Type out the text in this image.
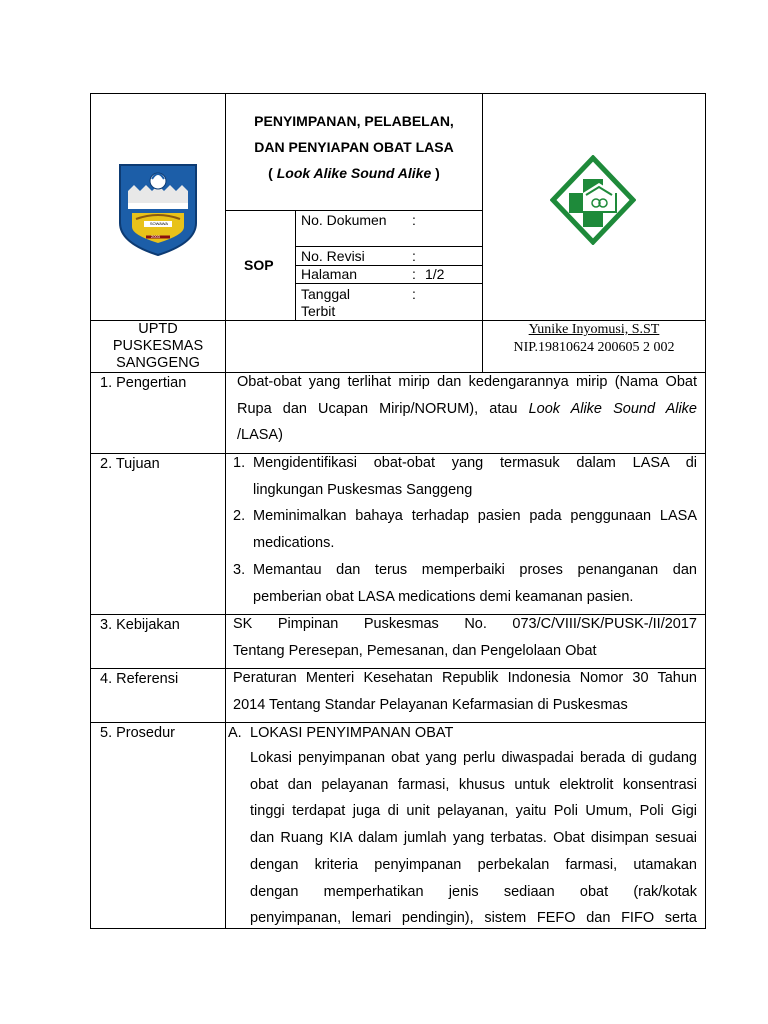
SOWAWA
2003
PENYIMPANAN, PELABELAN,
DAN PENYIAPAN OBAT LASA
( Look Alike Sound Alike )
SOP
No. Dokumen :
No. Revisi	:
Halaman	: 1/2
Tanggal
Terbit
:
UPTD
PUSKESMAS
SANGGENG
Yunike Inyomusi, S.ST
NIP.19810624 200605 2 002
1. Pengertian
2. Tujuan
3. Kebijakan
4. Referensi
5. Prosedur
Obat-obat yang terlihat mirip dan kedengarannya mirip (Nama Obat
Rupa dan Ucapan Mirip/NORUM), atau Look Alike Sound Alike
/LASA)
1. Mengidentifikasi obat-obat yang termasuk dalam LASA di
lingkungan Puskesmas Sanggeng
2. Meminimalkan bahaya terhadap pasien pada penggunaan LASA
medications.
3. Memantau dan terus memperbaiki proses penanganan dan
pemberian obat LASA medications demi keamanan pasien.
SK Pimpinan Puskesmas No. 073/C/VIII/SK/PUSK-/II/2017
Tentang Peresepan, Pemesanan, dan Pengelolaan Obat
Peraturan Menteri Kesehatan Republik Indonesia Nomor 30 Tahun
2014 Tentang Standar Pelayanan Kefarmasian di Puskesmas
A. LOKASI PENYIMPANAN OBAT
Lokasi penyimpanan obat yang perlu diwaspadai berada di gudang
obat dan pelayanan farmasi, khusus untuk elektrolit konsentrasi
tinggi terdapat juga di unit pelayanan, yaitu Poli Umum, Poli Gigi
dan Ruang KIA dalam jumlah yang terbatas. Obat disimpan sesuai
dengan kriteria penyimpanan perbekalan farmasi, utamakan
dengan memperhatikan jenis sediaan obat (rak/kotak
penyimpanan, lemari pendingin), sistem FEFO dan FIFO serta
